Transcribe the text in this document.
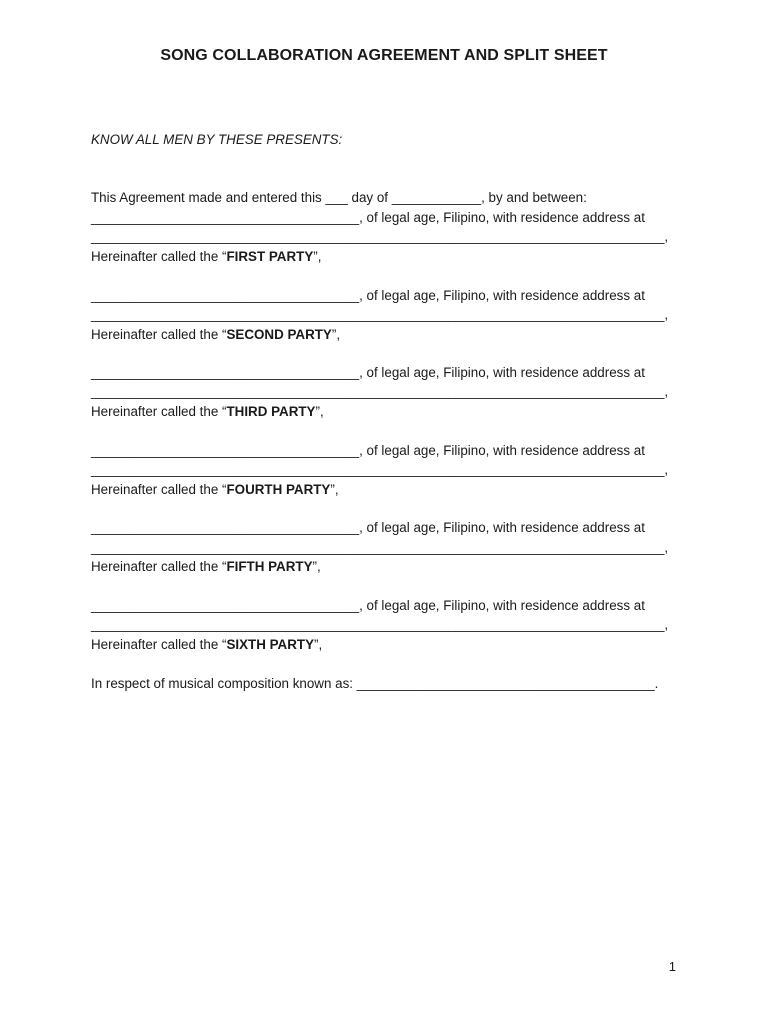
SONG COLLABORATION AGREEMENT AND SPLIT SHEET
KNOW ALL MEN BY THESE PRESENTS:
This Agreement made and entered this ___ day of ____________, by and between:
____________________________________, of legal age, Filipino, with residence address at
_____________________________________________________________________________,
Hereinafter called the “FIRST PARTY”,
____________________________________, of legal age, Filipino, with residence address at
_____________________________________________________________________________,
Hereinafter called the “SECOND PARTY”,
____________________________________, of legal age, Filipino, with residence address at
_____________________________________________________________________________,
Hereinafter called the “THIRD PARTY”,
____________________________________, of legal age, Filipino, with residence address at
_____________________________________________________________________________,
Hereinafter called the “FOURTH PARTY”,
____________________________________, of legal age, Filipino, with residence address at
_____________________________________________________________________________,
Hereinafter called the “FIFTH PARTY”,
____________________________________, of legal age, Filipino, with residence address at
_____________________________________________________________________________,
Hereinafter called the “SIXTH PARTY”,
In respect of musical composition known as: ________________________________________.
1
